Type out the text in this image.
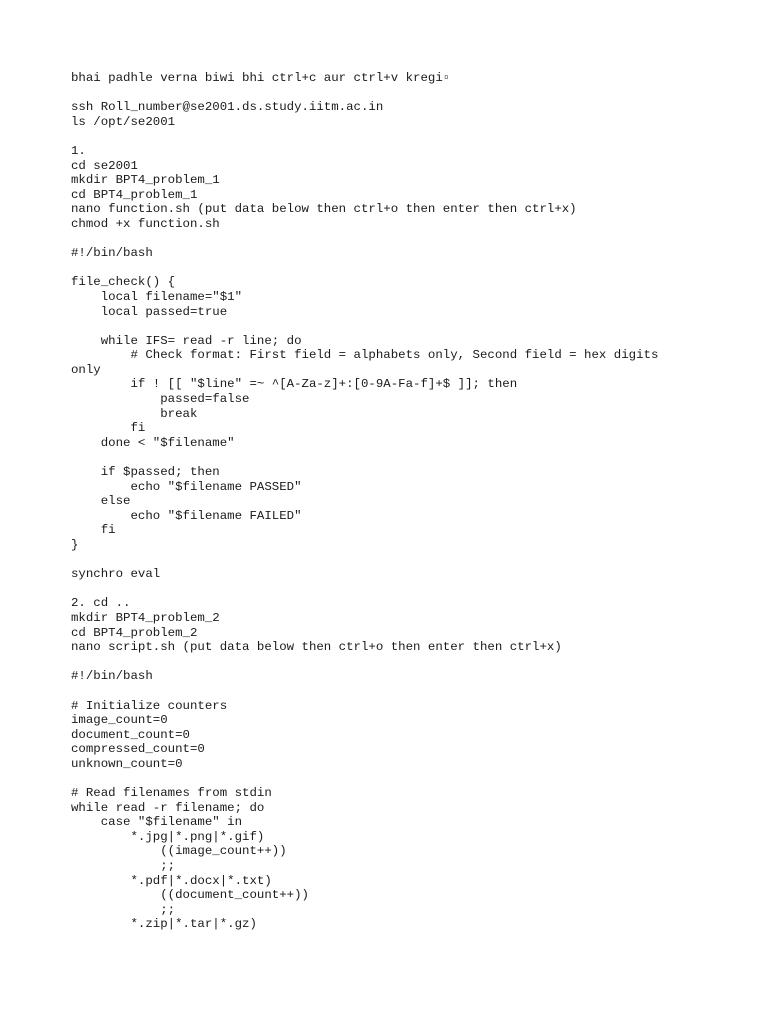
bhai padhle verna biwi bhi ctrl+c aur ctrl+v kregi▫
ssh Roll_number@se2001.ds.study.iitm.ac.in
ls /opt/se2001
1.
cd se2001
mkdir BPT4_problem_1
cd BPT4_problem_1
nano function.sh (put data below then ctrl+o then enter then ctrl+x)
chmod +x function.sh
#!/bin/bash
file_check() {
local filename="$1"
local passed=true
while IFS= read -r line; do
# Check format: First field = alphabets only, Second field = hex digits
only
if ! [[ "$line" =~ ^[A-Za-z]+:[0-9A-Fa-f]+$ ]]; then
passed=false
break
fi
done < "$filename"
if $passed; then
echo "$filename PASSED"
else
echo "$filename FAILED"
fi
}
synchro eval
2. cd ..
mkdir BPT4_problem_2
cd BPT4_problem_2
nano script.sh (put data below then ctrl+o then enter then ctrl+x)
#!/bin/bash
# Initialize counters
image_count=0
document_count=0
compressed_count=0
unknown_count=0
# Read filenames from stdin
while read -r filename; do
case "$filename" in
*.jpg|*.png|*.gif)
((image_count++))
;;
*.pdf|*.docx|*.txt)
((document_count++))
;;
*.zip|*.tar|*.gz)
